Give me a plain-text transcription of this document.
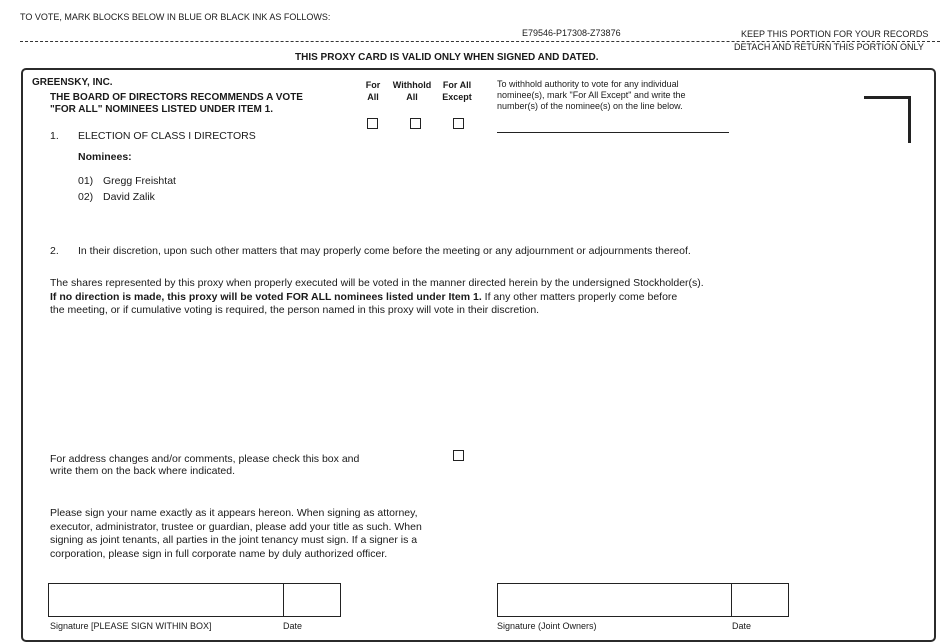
TO VOTE, MARK BLOCKS BELOW IN BLUE OR BLACK INK AS FOLLOWS:
E79546-P17308-Z73876	KEEP THIS PORTION FOR YOUR RECORDS
DETACH AND RETURN THIS PORTION ONLY
THIS PROXY CARD IS VALID ONLY WHEN SIGNED AND DATED.
GREENSKY, INC.
THE BOARD OF DIRECTORS RECOMMENDS A VOTE
"FOR ALL" NOMINEES LISTED UNDER ITEM 1.
For
All
Withhold
All
For All
Except
To withhold authority to vote for any individual
nominee(s), mark "For All Except" and write the
number(s) of the nominee(s) on the line below.
1. ELECTION OF CLASS I DIRECTORS
Nominees:
01) Gregg Freishtat
02) David Zalik
2. In their discretion, upon such other matters that may properly come before the meeting or any adjournment or adjournments thereof.
The shares represented by this proxy when properly executed will be voted in the manner directed herein by the undersigned Stockholder(s).
If no direction is made, this proxy will be voted FOR ALL nominees listed under Item 1. If any other matters properly come before
the meeting, or if cumulative voting is required, the person named in this proxy will vote in their discretion.
For address changes and/or comments, please check this box and
write them on the back where indicated.
Please sign your name exactly as it appears hereon. When signing as attorney,
executor, administrator, trustee or guardian, please add your title as such. When
signing as joint tenants, all parties in the joint tenancy must sign. If a signer is a
corporation, please sign in full corporate name by duly authorized officer.
Signature [PLEASE SIGN WITHIN BOX]	Date	Signature (Joint Owners)	Date
